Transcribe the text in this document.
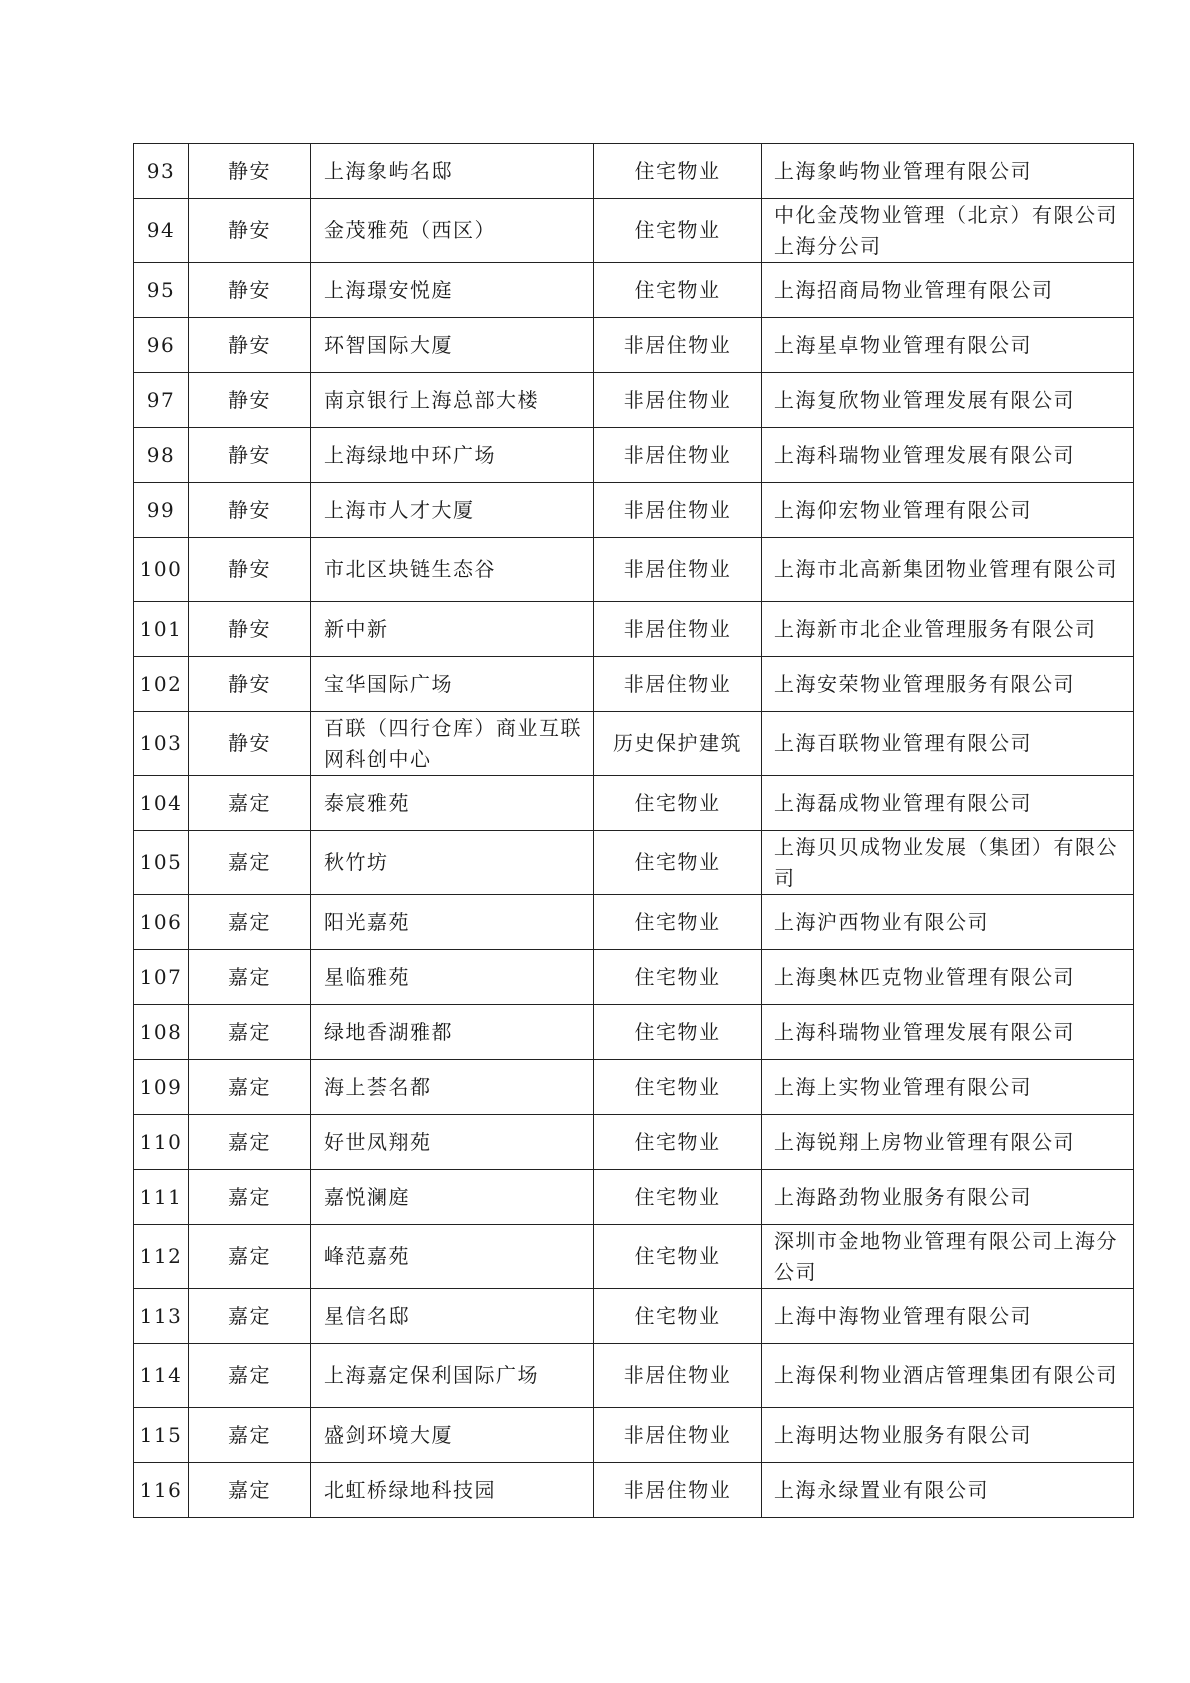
93	静安	上海象屿名邸	住宅物业	上海象屿物业管理有限公司

94	静安	金茂雅苑（西区）	住宅物业	中化金茂物业管理（北京）有限公司上海分公司

95	静安	上海璟安悦庭	住宅物业	上海招商局物业管理有限公司

96	静安	环智国际大厦	非居住物业	上海星卓物业管理有限公司

97	静安	南京银行上海总部大楼	非居住物业	上海复欣物业管理发展有限公司

98	静安	上海绿地中环广场	非居住物业	上海科瑞物业管理发展有限公司

99	静安	上海市人才大厦	非居住物业	上海仰宏物业管理有限公司

100	静安	市北区块链生态谷	非居住物业	上海市北高新集团物业管理有限公司

101	静安	新中新	非居住物业	上海新市北企业管理服务有限公司

102	静安	宝华国际广场	非居住物业	上海安荣物业管理服务有限公司

103	静安	百联（四行仓库）商业互联网科创中心	历史保护建筑	上海百联物业管理有限公司

104	嘉定	泰宸雅苑	住宅物业	上海磊成物业管理有限公司

105	嘉定	秋竹坊	住宅物业	上海贝贝成物业发展（集团）有限公司

106	嘉定	阳光嘉苑	住宅物业	上海沪西物业有限公司

107	嘉定	星临雅苑	住宅物业	上海奥林匹克物业管理有限公司

108	嘉定	绿地香湖雅都	住宅物业	上海科瑞物业管理发展有限公司

109	嘉定	海上荟名都	住宅物业	上海上实物业管理有限公司

110	嘉定	好世凤翔苑	住宅物业	上海锐翔上房物业管理有限公司

111	嘉定	嘉悦澜庭	住宅物业	上海路劲物业服务有限公司

112	嘉定	峰范嘉苑	住宅物业	深圳市金地物业管理有限公司上海分公司

113	嘉定	星信名邸	住宅物业	上海中海物业管理有限公司

114	嘉定	上海嘉定保利国际广场	非居住物业	上海保利物业酒店管理集团有限公司

115	嘉定	盛剑环境大厦	非居住物业	上海明达物业服务有限公司

116	嘉定	北虹桥绿地科技园	非居住物业	上海永绿置业有限公司
